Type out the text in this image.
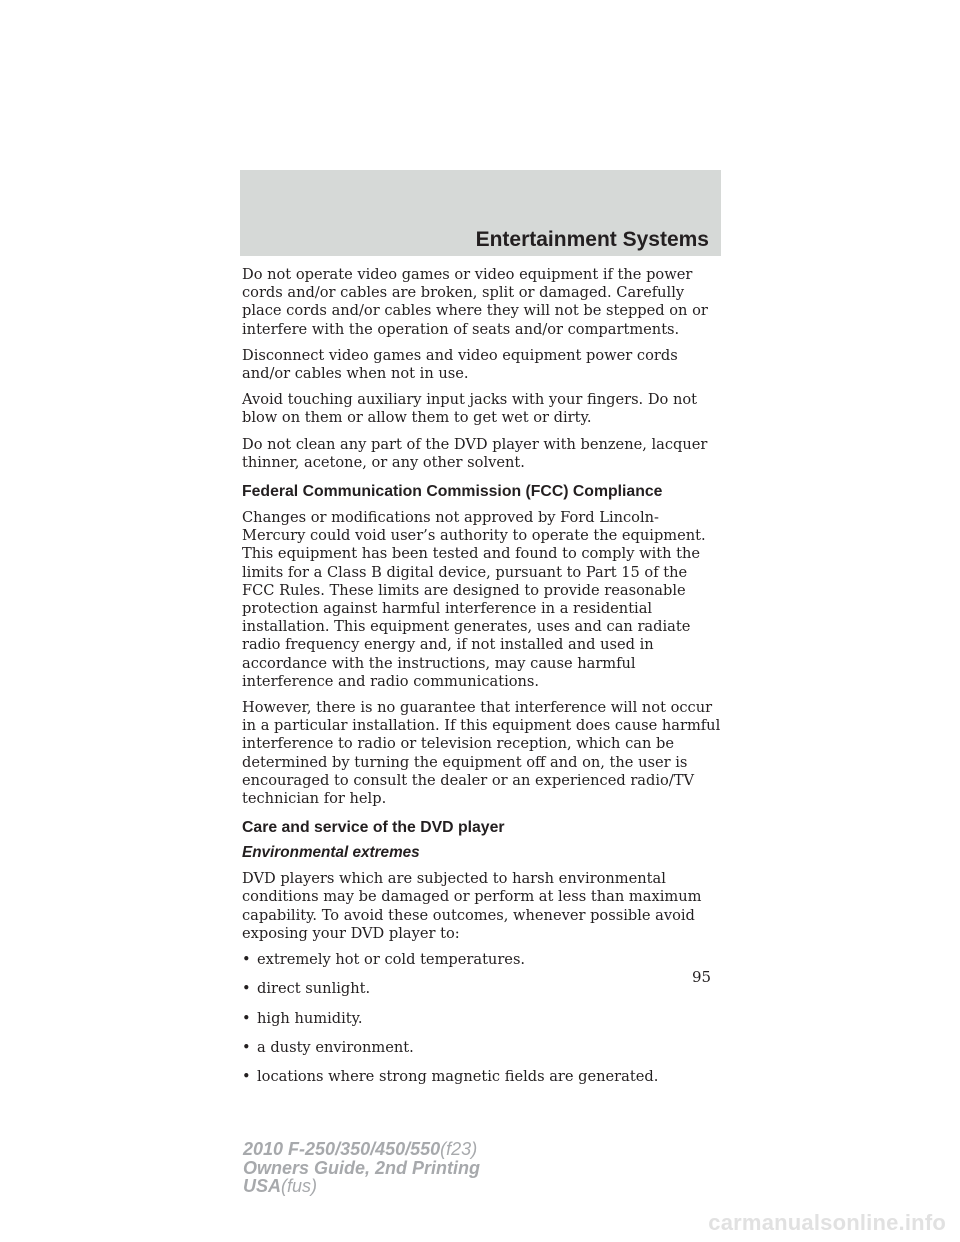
Entertainment Systems

Do not operate video games or video equipment if the power cords and/or cables are broken, split or damaged. Carefully place cords and/or cables where they will not be stepped on or interfere with the operation of seats and/or compartments.

Disconnect video games and video equipment power cords and/or cables when not in use.

Avoid touching auxiliary input jacks with your fingers. Do not blow on them or allow them to get wet or dirty.

Do not clean any part of the DVD player with benzene, lacquer thinner, acetone, or any other solvent.

Federal Communication Commission (FCC) Compliance

Changes or modifications not approved by Ford Lincoln-Mercury could void user’s authority to operate the equipment. This equipment has been tested and found to comply with the limits for a Class B digital device, pursuant to Part 15 of the FCC Rules. These limits are designed to provide reasonable protection against harmful interference in a residential installation. This equipment generates, uses and can radiate radio frequency energy and, if not installed and used in accordance with the instructions, may cause harmful interference and radio communications.

However, there is no guarantee that interference will not occur in a particular installation. If this equipment does cause harmful interference to radio or television reception, which can be determined by turning the equipment off and on, the user is encouraged to consult the dealer or an experienced radio/TV technician for help.

Care and service of the DVD player
Environmental extremes

DVD players which are subjected to harsh environmental conditions may be damaged or perform at less than maximum capability. To avoid these outcomes, whenever possible avoid exposing your DVD player to:

• extremely hot or cold temperatures.
• direct sunlight.
• high humidity.
• a dusty environment.
• locations where strong magnetic fields are generated.
95
2010 F-250/350/450/550(f23)
Owners Guide, 2nd Printing
USA(fus)
carmanualsonline.info
